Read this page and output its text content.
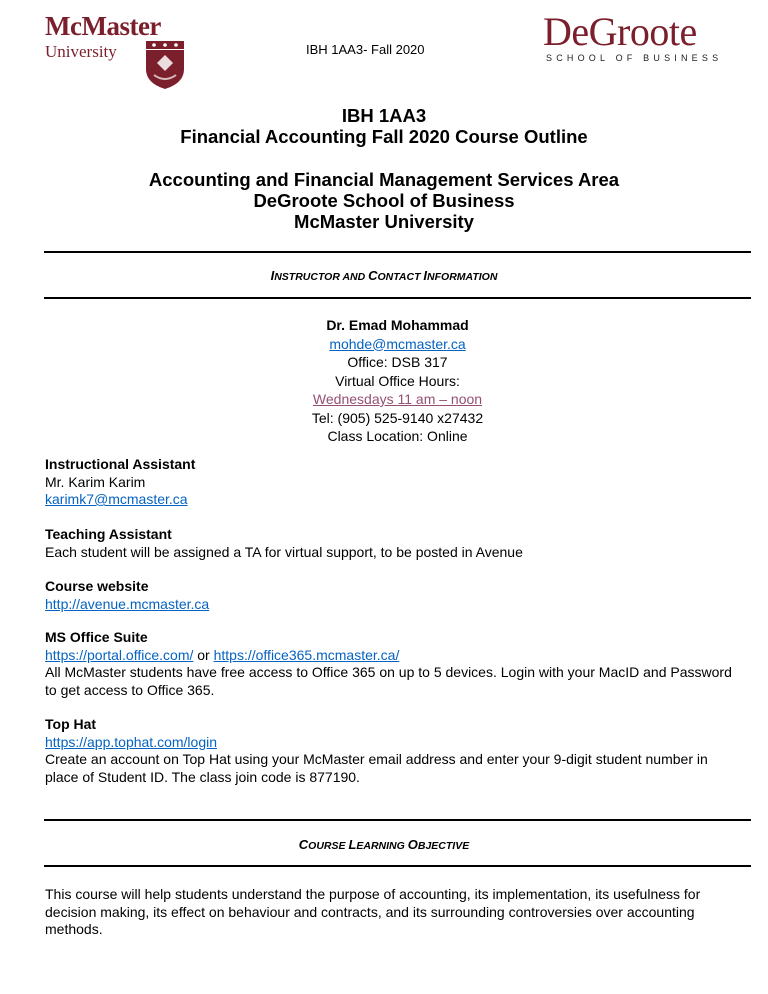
McMaster
University	IBH 1AA3- Fall 2020	DeGroote
SCHOOL OF BUSINESS
IBH 1AA3
Financial Accounting Fall 2020 Course Outline
Accounting and Financial Management Services Area
DeGroote School of Business
McMaster University
INSTRUCTOR AND CONTACT INFORMATION
Dr. Emad Mohammad
mohde@mcmaster.ca
Office: DSB 317
Virtual Office Hours:
Wednesdays 11 am – noon
Tel: (905) 525-9140 x27432
Class Location: Online
Instructional Assistant
Mr. Karim Karim
karimk7@mcmaster.ca
Teaching Assistant
Each student will be assigned a TA for virtual support, to be posted in Avenue
Course website
http://avenue.mcmaster.ca
MS Office Suite
https://portal.office.com/ or https://office365.mcmaster.ca/
All McMaster students have free access to Office 365 on up to 5 devices. Login with your MacID and Password to get access to Office 365.
Top Hat
https://app.tophat.com/login
Create an account on Top Hat using your McMaster email address and enter your 9-digit student number in place of Student ID. The class join code is 877190.
COURSE LEARNING OBJECTIVE
This course will help students understand the purpose of accounting, its implementation, its usefulness for decision making, its effect on behaviour and contracts, and its surrounding controversies over accounting methods.
